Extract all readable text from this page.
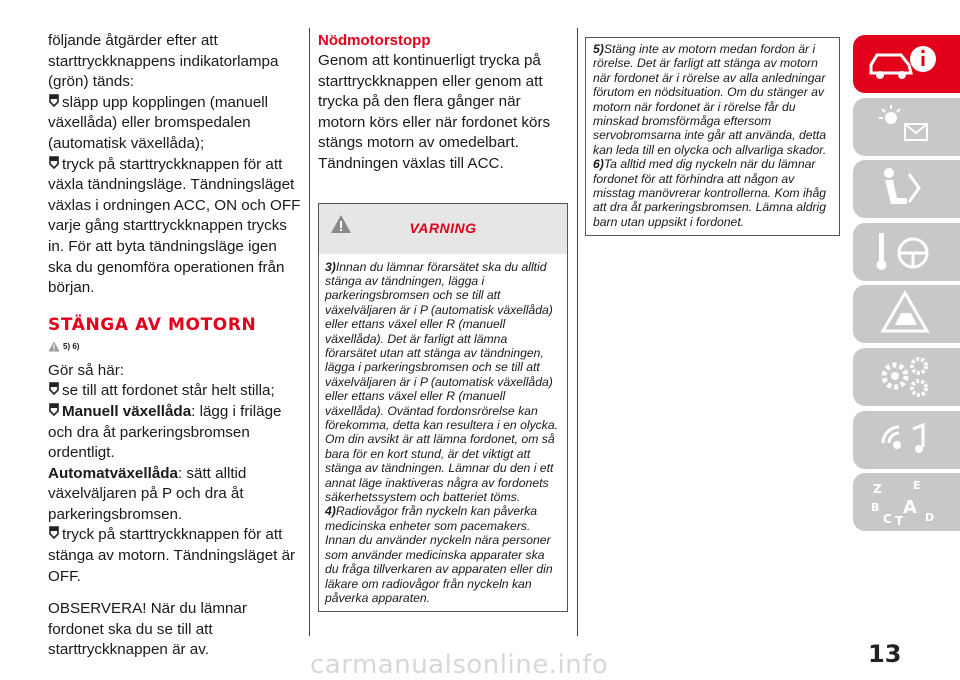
följande åtgärder efter att starttryckknappens indikatorlampa (grön) tänds:

släpp upp kopplingen (manuell växellåda) eller bromspedalen (automatisk växellåda);

tryck på starttryckknappen för att växla tändningsläge. Tändningsläget växlas i ordningen ACC, ON och OFF varje gång starttryckknappen trycks in. För att byta tändningsläge igen ska du genomföra operationen från början.

STÄNGA AV MOTORN
5) 6)

Gör så här:

se till att fordonet står helt stilla;

Manuell växellåda: lägg i friläge och dra åt parkeringsbromsen ordentligt.

Automatväxellåda: sätt alltid växelväljaren på P och dra åt parkeringsbromsen.

tryck på starttryckknappen för att stänga av motorn. Tändningsläget är OFF.

OBSERVERA! När du lämnar fordonet ska du se till att starttryckknappen är av.

Nödmotorstopp
Genom att kontinuerligt trycka på starttryckknappen eller genom att trycka på den flera gånger när motorn körs eller när fordonet körs stängs motorn av omedelbart. Tändningen växlas till ACC.
VARNING
3)Innan du lämnar förarsätet ska du alltid stänga av tändningen, lägga i parkeringsbromsen och se till att växelväljaren är i P (automatisk växellåda) eller ettans växel eller R (manuell växellåda). Det är farligt att lämna förarsätet utan att stänga av tändningen, lägga i parkeringsbromsen och se till att växelväljaren är i P (automatisk växellåda) eller ettans växel eller R (manuell växellåda). Oväntad fordonsrörelse kan förekomma, detta kan resultera i en olycka. Om din avsikt är att lämna fordonet, om så bara för en kort stund, är det viktigt att stänga av tändningen. Lämnar du den i ett annat läge inaktiveras några av fordonets säkerhetssystem och batteriet töms.
4)Radiovågor från nyckeln kan påverka medicinska enheter som pacemakers. Innan du använder nyckeln nära personer som använder medicinska apparater ska du fråga tillverkaren av apparaten eller din läkare om radiovågor från nyckeln kan påverka apparaten.
5)Stäng inte av motorn medan fordon är i rörelse. Det är farligt att stänga av motorn när fordonet är i rörelse av alla anledningar förutom en nödsituation. Om du stänger av motorn när fordonet är i rörelse får du minskad bromsförmåga eftersom servobromsarna inte går att använda, detta kan leda till en olycka och allvarliga skador.
6)Ta alltid med dig nyckeln när du lämnar fordonet för att förhindra att någon av misstag manövrerar kontrollerna. Kom ihåg att dra åt parkeringsbromsen. Lämna aldrig barn utan uppsikt i fordonet.
Z	E
B A
C T D
13
carmanualsonline.info
